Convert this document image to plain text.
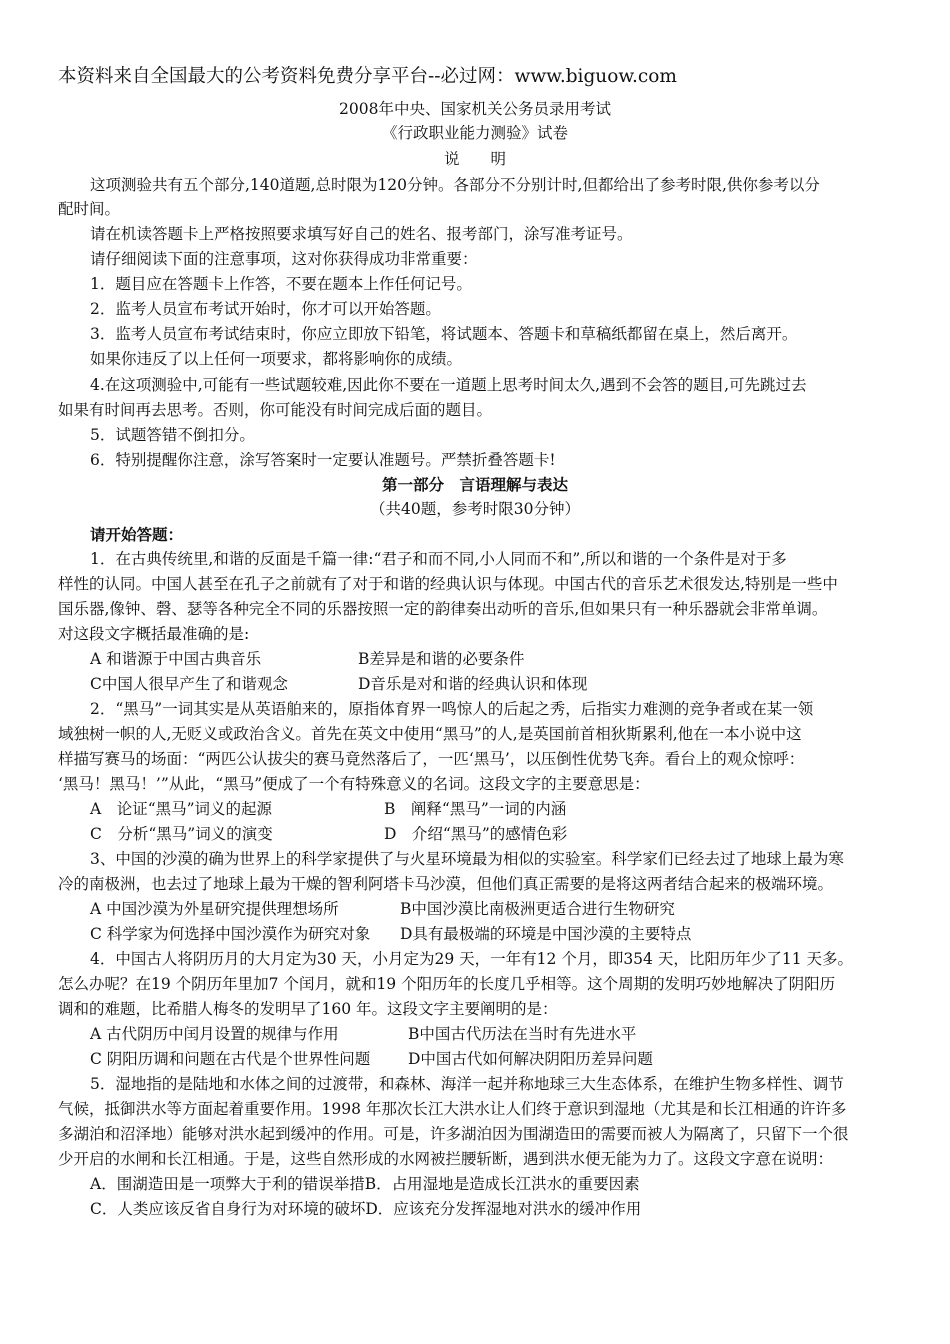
本资料来自全国最大的公考资料免费分享平台--必过网：www.biguow.com
2008年中央、国家机关公务员录用考试
《行政职业能力测验》试卷
说　　明
这项测验共有五个部分,140道题,总时限为120分钟。各部分不分别计时,但都给出了参考时限,供你参考以分
配时间。
请在机读答题卡上严格按照要求填写好自己的姓名、报考部门，涂写准考证号。
请仔细阅读下面的注意事项，这对你获得成功非常重要：
1．题目应在答题卡上作答，不要在题本上作任何记号。
2．监考人员宣布考试开始时，你才可以开始答题。
3．监考人员宣布考试结束时，你应立即放下铅笔，将试题本、答题卡和草稿纸都留在桌上，然后离开。
如果你违反了以上任何一项要求，都将影响你的成绩。
4.在这项测验中,可能有一些试题较难,因此你不要在一道题上思考时间太久,遇到不会答的题目,可先跳过去
如果有时间再去思考。否则，你可能没有时间完成后面的题目。
5．试题答错不倒扣分。
6．特别提醒你注意，涂写答案时一定要认准题号。严禁折叠答题卡!
第一部分　言语理解与表达
（共40题，参考时限30分钟）
请开始答题：
1．在古典传统里,和谐的反面是千篇一律:“君子和而不同,小人同而不和”,所以和谐的一个条件是对于多
样性的认同。中国人甚至在孔子之前就有了对于和谐的经典认识与体现。中国古代的音乐艺术很发达,特别是一些中
国乐器,像钟、磬、瑟等各种完全不同的乐器按照一定的韵律奏出动听的音乐,但如果只有一种乐器就会非常单调。
对这段文字概括最准确的是:
A 和谐源于中国古典音乐	B差异是和谐的必要条件
C中国人很早产生了和谐观念	D音乐是对和谐的经典认识和体现
2．“黑马”一词其实是从英语舶来的，原指体育界一鸣惊人的后起之秀，后指实力难测的竞争者或在某一领
域独树一帜的人,无贬义或政治含义。首先在英文中使用“黑马”的人,是英国前首相狄斯累利,他在一本小说中这
样描写赛马的场面：“两匹公认拔尖的赛马竟然落后了，一匹‘黑马’，以压倒性优势飞奔。看台上的观众惊呼：
‘黑马！黑马！’”从此，“黑马”便成了一个有特殊意义的名词。这段文字的主要意思是：
A　论证“黑马”词义的起源	B　阐释“黑马”一词的内涵
C　分析“黑马”词义的演变	D　介绍“黑马”的感情色彩
3、中国的沙漠的确为世界上的科学家提供了与火星环境最为相似的实验室。科学家们已经去过了地球上最为寒
冷的南极洲，也去过了地球上最为干燥的智利阿塔卡马沙漠，但他们真正需要的是将这两者结合起来的极端环境。
A 中国沙漠为外星研究提供理想场所	B中国沙漠比南极洲更适合进行生物研究
C 科学家为何选择中国沙漠作为研究对象 D具有最极端的环境是中国沙漠的主要特点
4．中国古人将阴历月的大月定为30 天，小月定为29 天，一年有12 个月，即354 天，比阳历年少了11 天多。
怎么办呢？在19 个阴历年里加7 个闰月，就和19 个阳历年的长度几乎相等。这个周期的发明巧妙地解决了阴阳历
调和的难题，比希腊人梅冬的发明早了160 年。这段文字主要阐明的是：
A 古代阴历中闰月设置的规律与作用	B中国古代历法在当时有先进水平
C 阴阳历调和问题在古代是个世界性问题 D中国古代如何解决阴阳历差异问题
5．湿地指的是陆地和水体之间的过渡带，和森林、海洋一起并称地球三大生态体系，在维护生物多样性、调节
气候，抵御洪水等方面起着重要作用。1998 年那次长江大洪水让人们终于意识到湿地（尤其是和长江相通的许许多
多湖泊和沼泽地）能够对洪水起到缓冲的作用。可是，许多湖泊因为围湖造田的需要而被人为隔离了，只留下一个很
少开启的水闸和长江相通。于是，这些自然形成的水网被拦腰斩断，遇到洪水便无能为力了。这段文字意在说明：
A．围湖造田是一项弊大于利的错误举措B．占用湿地是造成长江洪水的重要因素
C．人类应该反省自身行为对环境的破坏D．应该充分发挥湿地对洪水的缓冲作用
